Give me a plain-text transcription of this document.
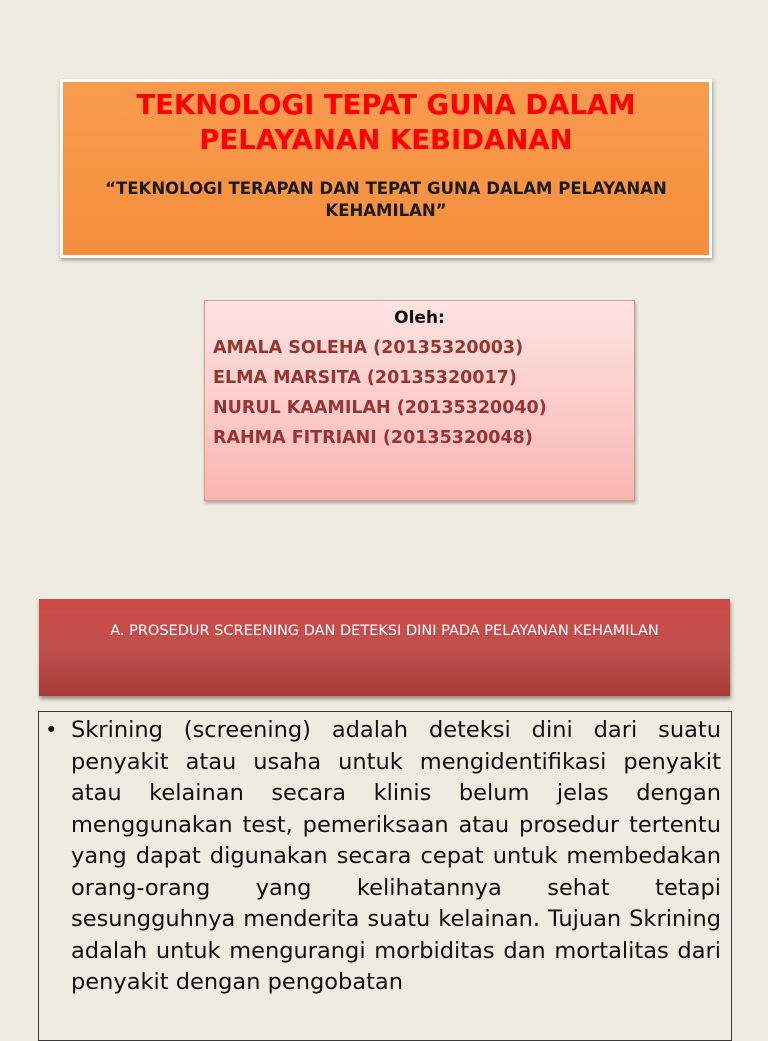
TEKNOLOGI TEPAT GUNA DALAM PELAYANAN KEBIDANAN
“TEKNOLOGI TERAPAN DAN TEPAT GUNA DALAM PELAYANAN KEHAMILAN”
Oleh:
AMALA SOLEHA (20135320003)
ELMA MARSITA (20135320017)
NURUL KAAMILAH (20135320040)
RAHMA FITRIANI (20135320048)
A. PROSEDUR SCREENING DAN DETEKSI DINI PADA PELAYANAN KEHAMILAN
• Skrining (screening) adalah deteksi dini dari suatu penyakit atau usaha untuk mengidentifikasi penyakit atau kelainan secara klinis belum jelas dengan menggunakan test, pemeriksaan atau prosedur tertentu yang dapat digunakan secara cepat untuk membedakan orang-orang yang kelihatannya sehat tetapi sesungguhnya menderita suatu kelainan. Tujuan Skrining adalah untuk mengurangi morbiditas dan mortalitas dari penyakit dengan pengobatan
